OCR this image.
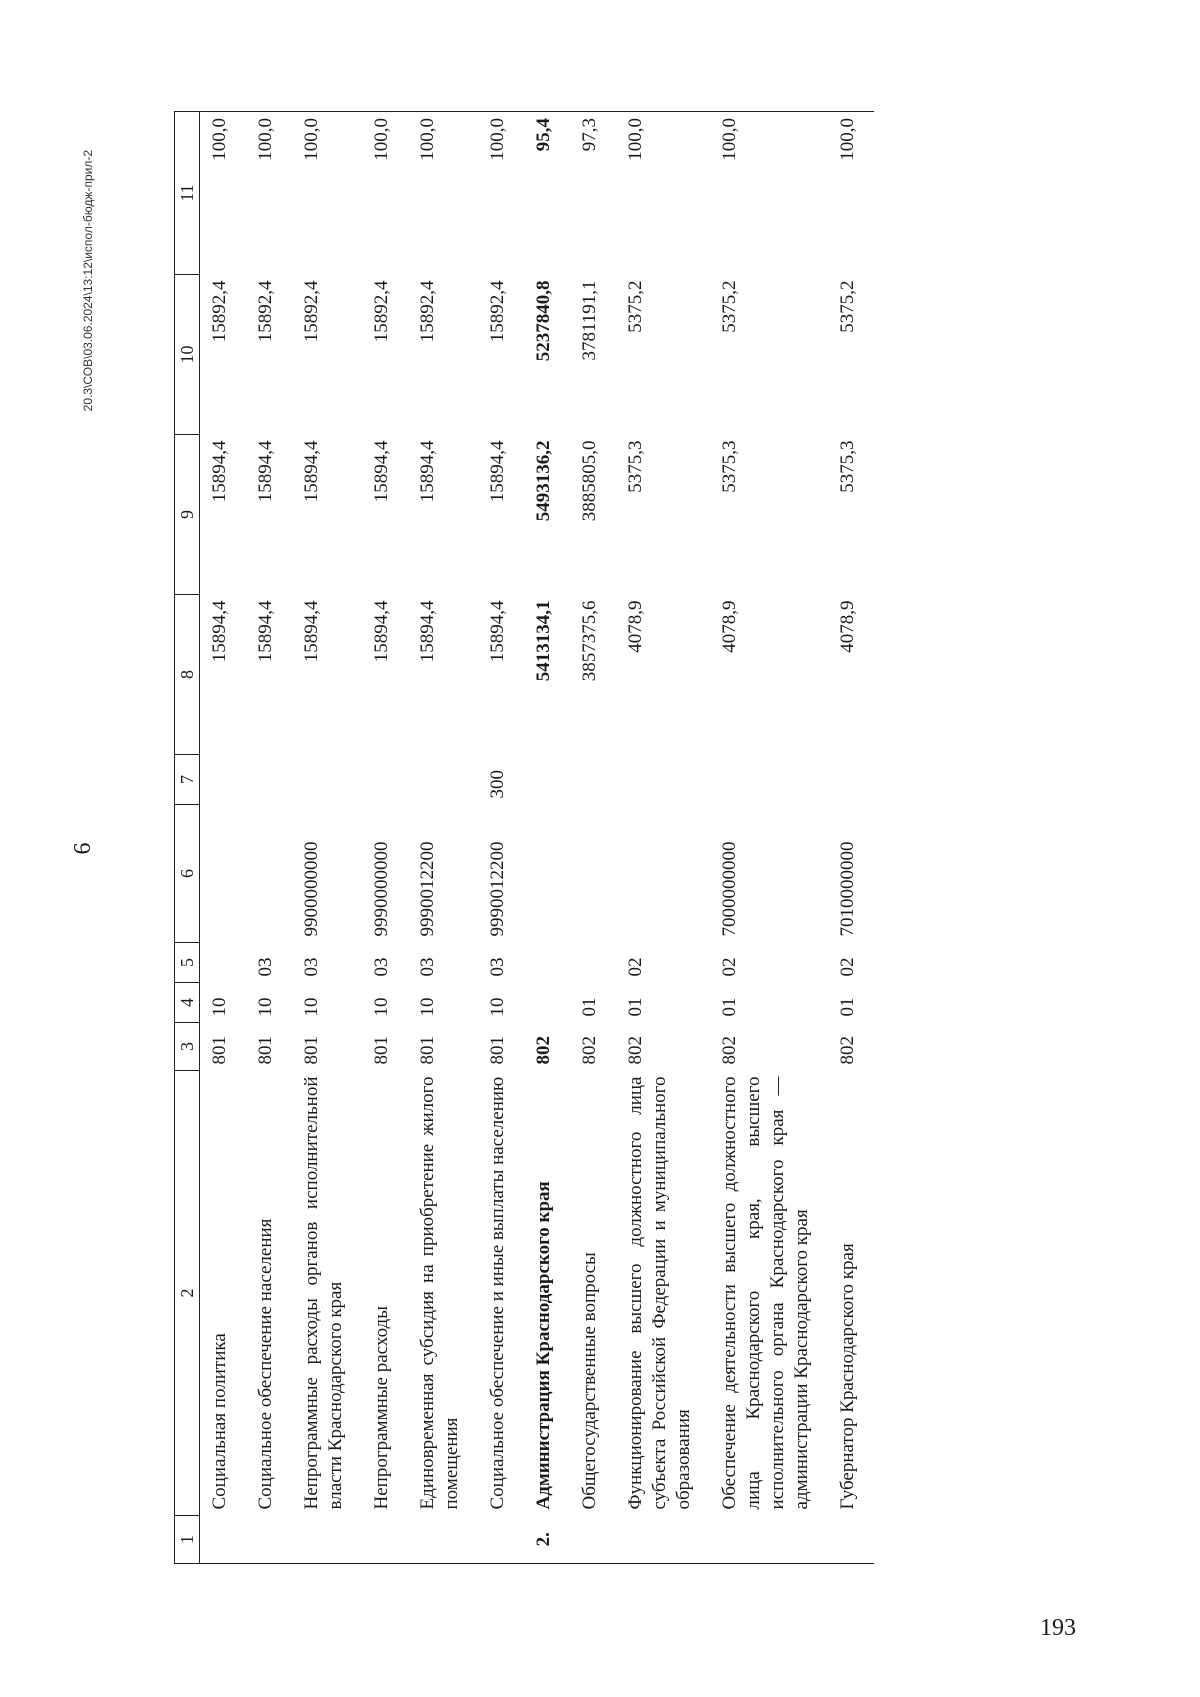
6
1	2	3	4	5	6	7	8	9	10	11
	Социальная политика	801	10				15894,4	15894,4	15892,4	100,0
	Социальное обеспечение населения	801	10	03			15894,4	15894,4	15892,4	100,0
	Непрограммные расходы органов исполнительной власти Краснодарского края	801	10	03	9900000000		15894,4	15894,4	15892,4	100,0
	Непрограммные расходы	801	10	03	9990000000		15894,4	15894,4	15892,4	100,0
	Единовременная субсидия на приобретение жилого помещения	801	10	03	9990012200		15894,4	15894,4	15892,4	100,0
	Социальное обеспечение и иные выплаты населению	801	10	03	9990012200	300	15894,4	15894,4	15892,4	100,0
2.	Администрация Краснодарского края	802					5413134,1	5493136,2	5237840,8	95,4
	Общегосударственные вопросы	802	01				3857375,6	3885805,0	3781191,1	97,3
	Функционирование высшего должностного лица субъекта Российской Федерации и муниципального образования	802	01	02			4078,9	5375,3	5375,2	100,0
	Обеспечение деятельности высшего должностного лица Краснодарского края, высшего исполнительного органа Краснодарского края — администрации Краснодарского края	802	01	02	7000000000		4078,9	5375,3	5375,2	100,0
	Губернатор Краснодарского края	802	01	02	7010000000		4078,9	5375,3	5375,2	100,0
20.3\СОВ\03.06.2024\13:12\испол-бюдж-прил-2
193
